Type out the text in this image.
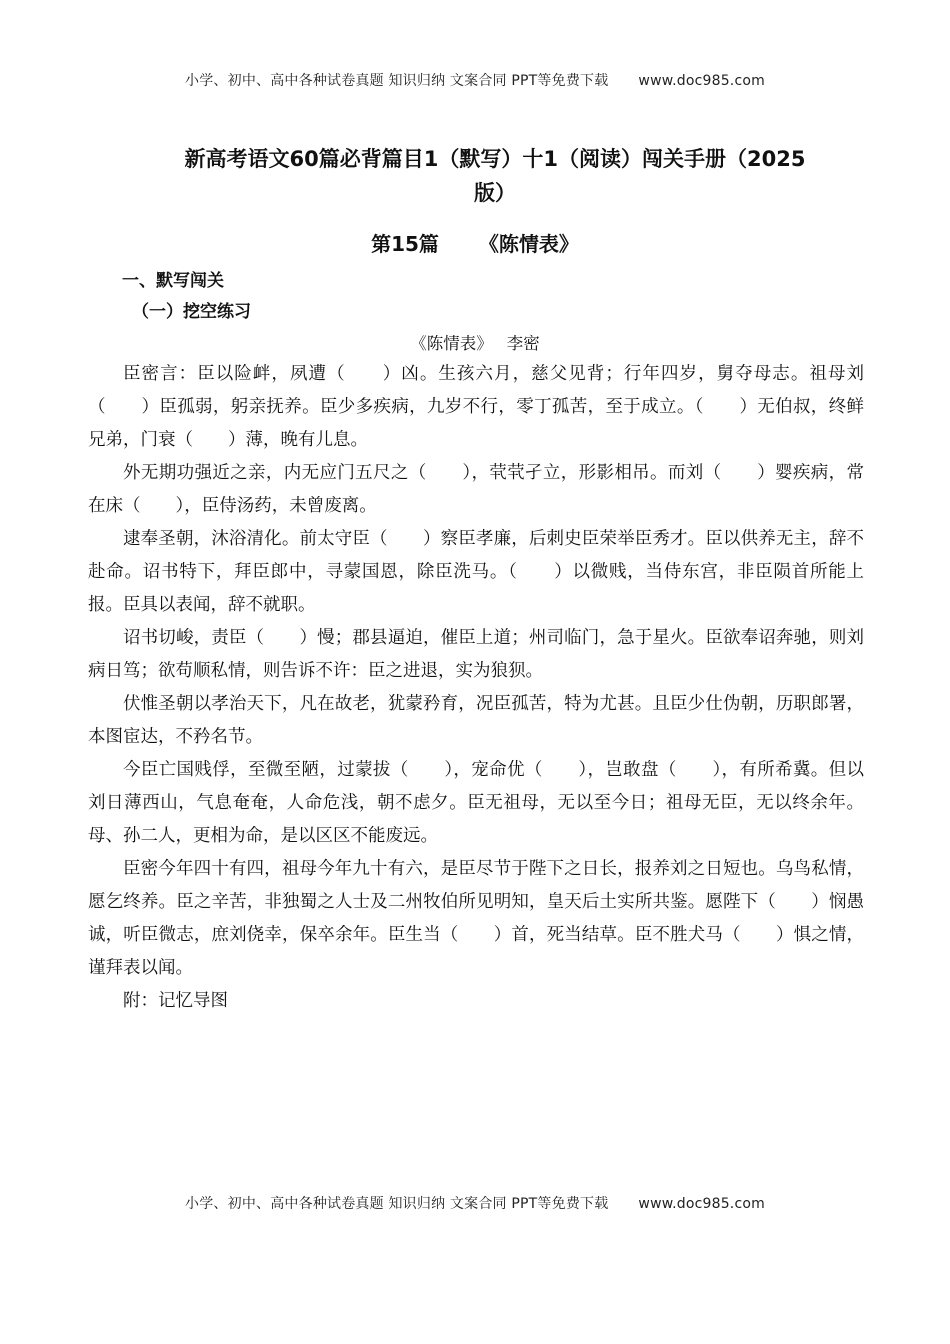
小学、初中、高中各种试卷真题 知识归纳 文案合同 PPT等免费下载 www.doc985.com
新高考语文60篇必背篇目1（默写）十1（阅读）闯关手册（2025
版）
第15篇 《陈情表》
一、默写闯关
（一）挖空练习
《陈情表》 李密

臣密言：臣以险衅，夙遭（　　）凶。生孩六月，慈父见背；行年四岁，舅夺母志。祖母刘（　　）臣孤弱，躬亲抚养。臣少多疾病，九岁不行，零丁孤苦，至于成立。（　　）无伯叔，终鲜兄弟，门衰（　　）薄，晚有儿息。

外无期功强近之亲，内无应门五尺之（　　），茕茕孑立，形影相吊。而刘（　　）婴疾病，常在床（　　），臣侍汤药，未曾废离。

逮奉圣朝，沐浴清化。前太守臣（　　）察臣孝廉，后刺史臣荣举臣秀才。臣以供养无主，辞不赴命。诏书特下，拜臣郎中，寻蒙国恩，除臣洗马。（　　）以微贱，当侍东宫，非臣陨首所能上报。臣具以表闻，辞不就职。

诏书切峻，责臣（　　）慢；郡县逼迫，催臣上道；州司临门，急于星火。臣欲奉诏奔驰，则刘病日笃；欲苟顺私情，则告诉不许：臣之进退，实为狼狈。

伏惟圣朝以孝治天下，凡在故老，犹蒙矜育，况臣孤苦，特为尤甚。且臣少仕伪朝，历职郎署，本图宦达，不矜名节。

今臣亡国贱俘，至微至陋，过蒙拔（　　），宠命优（　　），岂敢盘（　　），有所希冀。但以刘日薄西山，气息奄奄，人命危浅，朝不虑夕。臣无祖母，无以至今日；祖母无臣，无以终余年。母、孙二人，更相为命，是以区区不能废远。

臣密今年四十有四，祖母今年九十有六，是臣尽节于陛下之日长，报养刘之日短也。乌鸟私情，愿乞终养。臣之辛苦，非独蜀之人士及二州牧伯所见明知，皇天后土实所共鉴。愿陛下（　　）悯愚诚，听臣微志，庶刘侥幸，保卒余年。臣生当（　　）首，死当结草。臣不胜犬马（　　）惧之情，谨拜表以闻。

附：记忆导图

小学、初中、高中各种试卷真题 知识归纳 文案合同 PPT等免费下载 www.doc985.com
